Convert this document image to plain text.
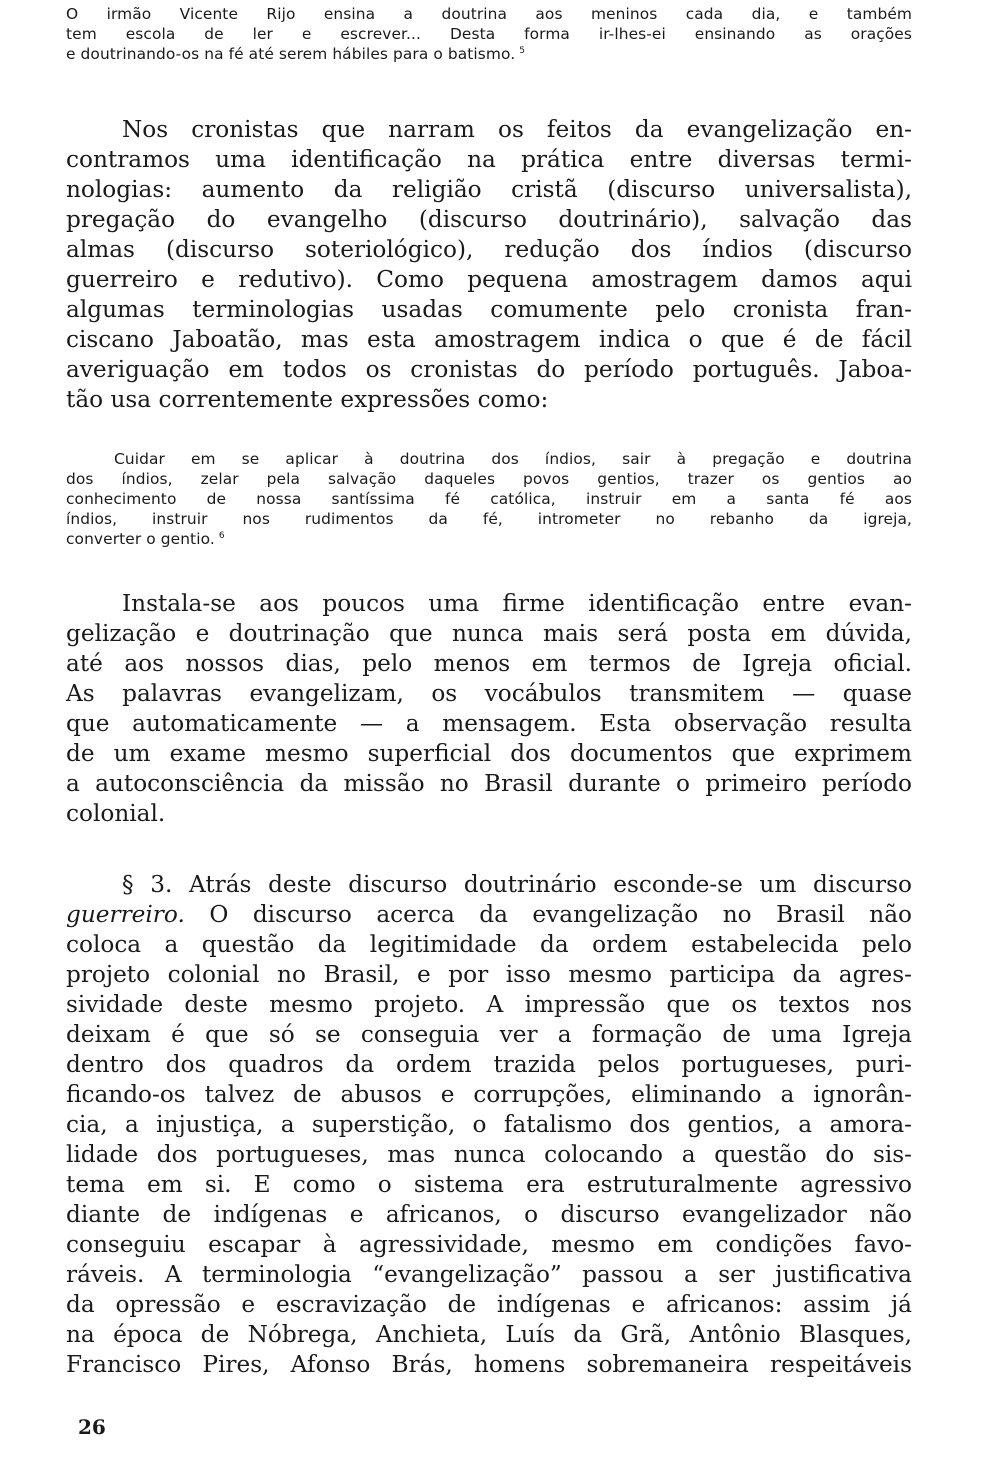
O irmão Vicente Rijo ensina a doutrina aos meninos cada dia, e também
tem escola de ler e escrever... Desta forma ir-lhes-ei ensinando as orações
e doutrinando-os na fé até serem hábiles para o batismo. $^5$
Nos cronistas que narram os feitos da evangelização en-
contramos uma identificação na prática entre diversas termi-
nologias: aumento da religião cristã (discurso universalista),
pregação do evangelho (discurso doutrinário), salvação das
almas (discurso soteriológico), redução dos índios (discurso
guerreiro e redutivo). Como pequena amostragem damos aqui
algumas terminologias usadas comumente pelo cronista fran-
ciscano Jaboatão, mas esta amostragem indica o que é de fácil
averiguação em todos os cronistas do período português. Jaboa-
tão usa correntemente expressões como:
Cuidar em se aplicar à doutrina dos índios, sair à pregação e doutrina
dos índios, zelar pela salvação daqueles povos gentios, trazer os gentios ao
conhecimento de nossa santíssima fé católica, instruir em a santa fé aos
índios, instruir nos rudimentos da fé, intrometer no rebanho da igreja,
converter o gentio. $^6$
Instala-se aos poucos uma firme identificação entre evan-
gelização e doutrinação que nunca mais será posta em dúvida,
até aos nossos dias, pelo menos em termos de Igreja oficial.
As palavras evangelizam, os vocábulos transmitem — quase
que automaticamente — a mensagem. Esta observação resulta
de um exame mesmo superficial dos documentos que exprimem
a autoconsciência da missão no Brasil durante o primeiro período
colonial.
§ 3. Atrás deste discurso doutrinário esconde-se um discurso
guerreiro. O discurso acerca da evangelização no Brasil não
coloca a questão da legitimidade da ordem estabelecida pelo
projeto colonial no Brasil, e por isso mesmo participa da agres-
sividade deste mesmo projeto. A impressão que os textos nos
deixam é que só se conseguia ver a formação de uma Igreja
dentro dos quadros da ordem trazida pelos portugueses, puri-
ficando-os talvez de abusos e corrupções, eliminando a ignorân-
cia, a injustiça, a superstição, o fatalismo dos gentios, a amora-
lidade dos portugueses, mas nunca colocando a questão do sis-
tema em si. E como o sistema era estruturalmente agressivo
diante de indígenas e africanos, o discurso evangelizador não
conseguiu escapar à agressividade, mesmo em condições favo-
ráveis. A terminologia “evangelização” passou a ser justificativa
da opressão e escravização de indígenas e africanos: assim já
na época de Nóbrega, Anchieta, Luís da Grã, Antônio Blasques,
Francisco Pires, Afonso Brás, homens sobremaneira respeitáveis
26
